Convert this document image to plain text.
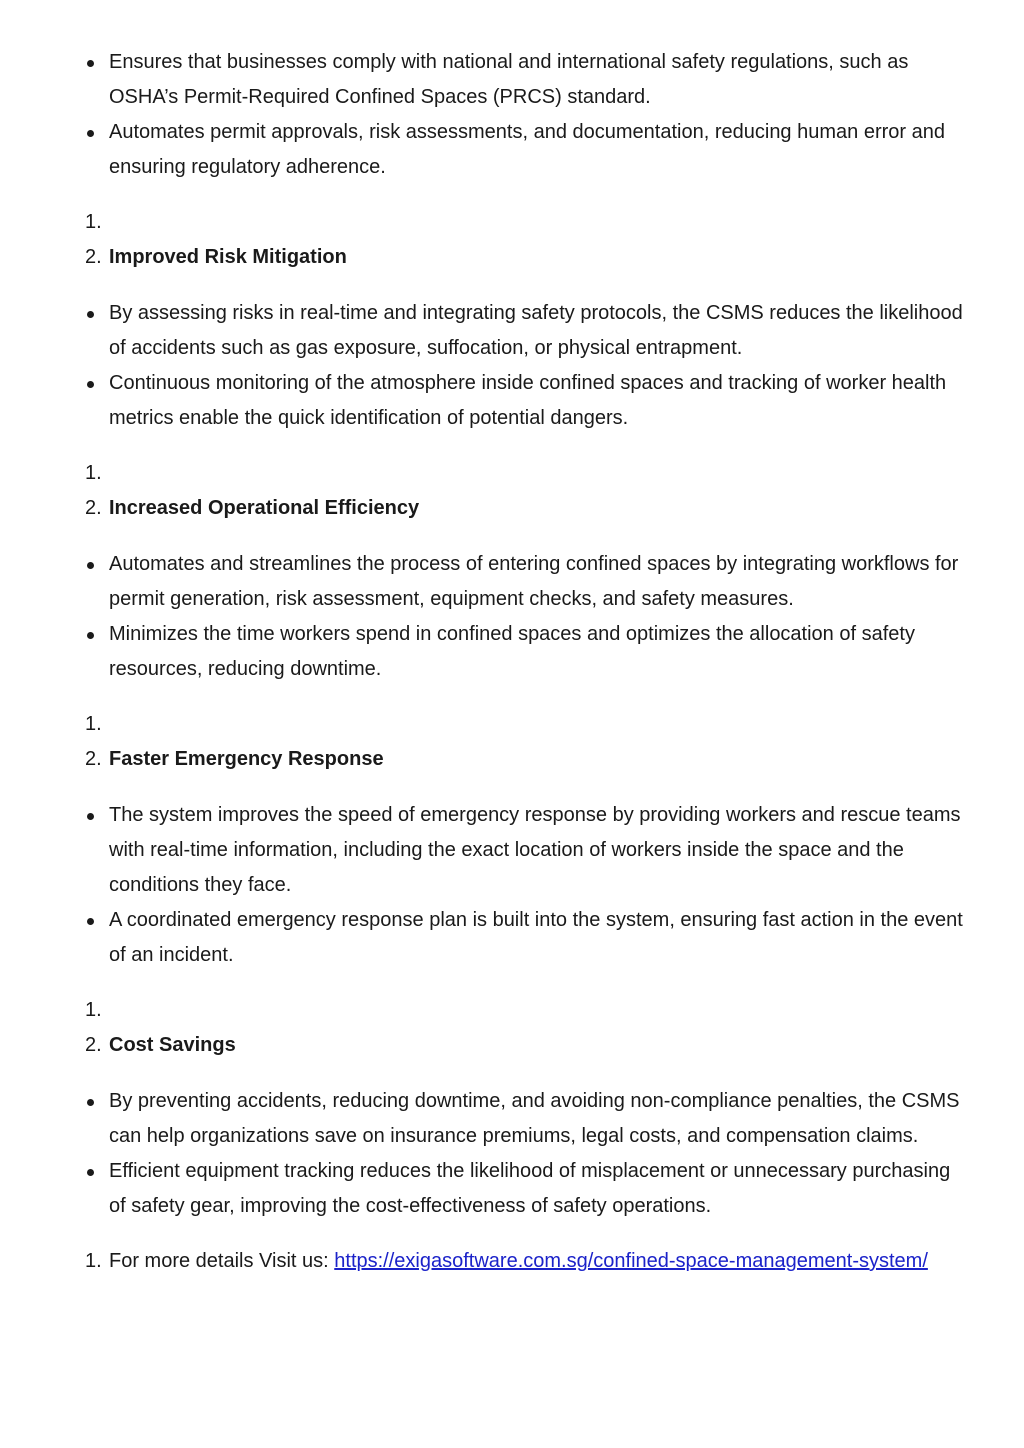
Ensures that businesses comply with national and international safety regulations, such as OSHA’s Permit-Required Confined Spaces (PRCS) standard.
Automates permit approvals, risk assessments, and documentation, reducing human error and ensuring regulatory adherence.
1.
2. Improved Risk Mitigation
By assessing risks in real-time and integrating safety protocols, the CSMS reduces the likelihood of accidents such as gas exposure, suffocation, or physical entrapment.
Continuous monitoring of the atmosphere inside confined spaces and tracking of worker health metrics enable the quick identification of potential dangers.
1.
2. Increased Operational Efficiency
Automates and streamlines the process of entering confined spaces by integrating workflows for permit generation, risk assessment, equipment checks, and safety measures.
Minimizes the time workers spend in confined spaces and optimizes the allocation of safety resources, reducing downtime.
1.
2. Faster Emergency Response
The system improves the speed of emergency response by providing workers and rescue teams with real-time information, including the exact location of workers inside the space and the conditions they face.
A coordinated emergency response plan is built into the system, ensuring fast action in the event of an incident.
1.
2. Cost Savings
By preventing accidents, reducing downtime, and avoiding non-compliance penalties, the CSMS can help organizations save on insurance premiums, legal costs, and compensation claims.
Efficient equipment tracking reduces the likelihood of misplacement or unnecessary purchasing of safety gear, improving the cost-effectiveness of safety operations.
1. For more details Visit us: https://exigasoftware.com.sg/confined-space-management-system/
